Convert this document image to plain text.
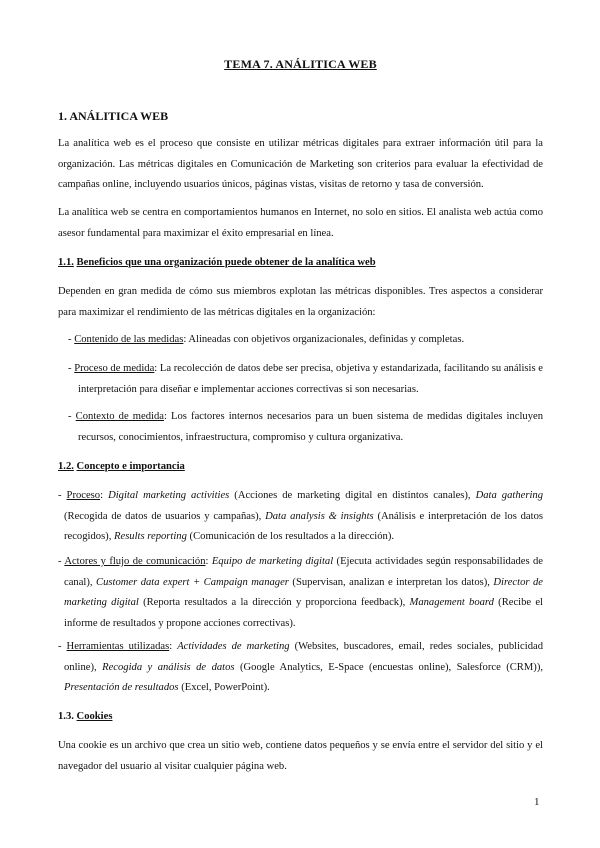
TEMA 7. ANÁLITICA WEB
1. ANÁLITICA WEB
La analítica web es el proceso que consiste en utilizar métricas digitales para extraer información útil para la organización. Las métricas digitales en Comunicación de Marketing son criterios para evaluar la efectividad de campañas online, incluyendo usuarios únicos, páginas vistas, visitas de retorno y tasa de conversión.
La analítica web se centra en comportamientos humanos en Internet, no solo en sitios. El analista web actúa como asesor fundamental para maximizar el éxito empresarial en línea.
1.1. Beneficios que una organización puede obtener de la analítica web
Dependen en gran medida de cómo sus miembros explotan las métricas disponibles. Tres aspectos a considerar para maximizar el rendimiento de las métricas digitales en la organización:
- Contenido de las medidas: Alineadas con objetivos organizacionales, definidas y completas.
- Proceso de medida: La recolección de datos debe ser precisa, objetiva y estandarizada, facilitando su análisis e interpretación para diseñar e implementar acciones correctivas si son necesarias.
- Contexto de medida: Los factores internos necesarios para un buen sistema de medidas digitales incluyen recursos, conocimientos, infraestructura, compromiso y cultura organizativa.
1.2. Concepto e importancia
- Proceso: Digital marketing activities (Acciones de marketing digital en distintos canales), Data gathering (Recogida de datos de usuarios y campañas), Data analysis & insights (Análisis e interpretación de los datos recogidos), Results reporting (Comunicación de los resultados a la dirección).
- Actores y flujo de comunicación: Equipo de marketing digital (Ejecuta actividades según responsabilidades de canal), Customer data expert + Campaign manager (Supervisan, analizan e interpretan los datos), Director de marketing digital (Reporta resultados a la dirección y proporciona feedback), Management board (Recibe el informe de resultados y propone acciones correctivas).
- Herramientas utilizadas: Actividades de marketing (Websites, buscadores, email, redes sociales, publicidad online), Recogida y análisis de datos (Google Analytics, E-Space (encuestas online), Salesforce (CRM)), Presentación de resultados (Excel, PowerPoint).
1.3. Cookies
Una cookie es un archivo que crea un sitio web, contiene datos pequeños y se envía entre el servidor del sitio y el navegador del usuario al visitar cualquier página web.
1
